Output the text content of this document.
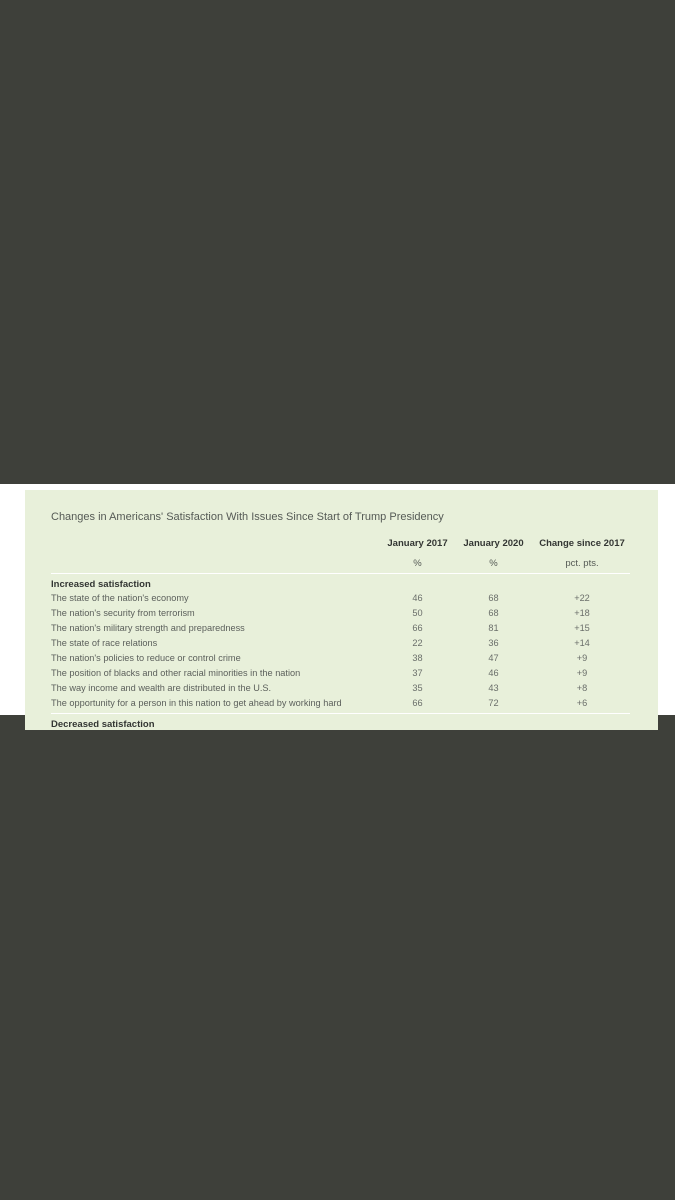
Changes in Americans' Satisfaction With Issues Since Start of Trump Presidency
January 2017	January 2020	Change since 2017
%	%	pct. pts.
Increased satisfaction
The state of the nation's economy	46	68	+22
The nation's security from terrorism	50	68	+18
The nation's military strength and preparedness	66	81	+15
The state of race relations	22	36	+14
The nation's policies to reduce or control crime	38	47	+9
The position of blacks and other racial minorities in the nation	37	46	+9
The way income and wealth are distributed in the U.S.	35	43	+8
The opportunity for a person in this nation to get ahead by working hard	66	72	+6
Decreased satisfaction
